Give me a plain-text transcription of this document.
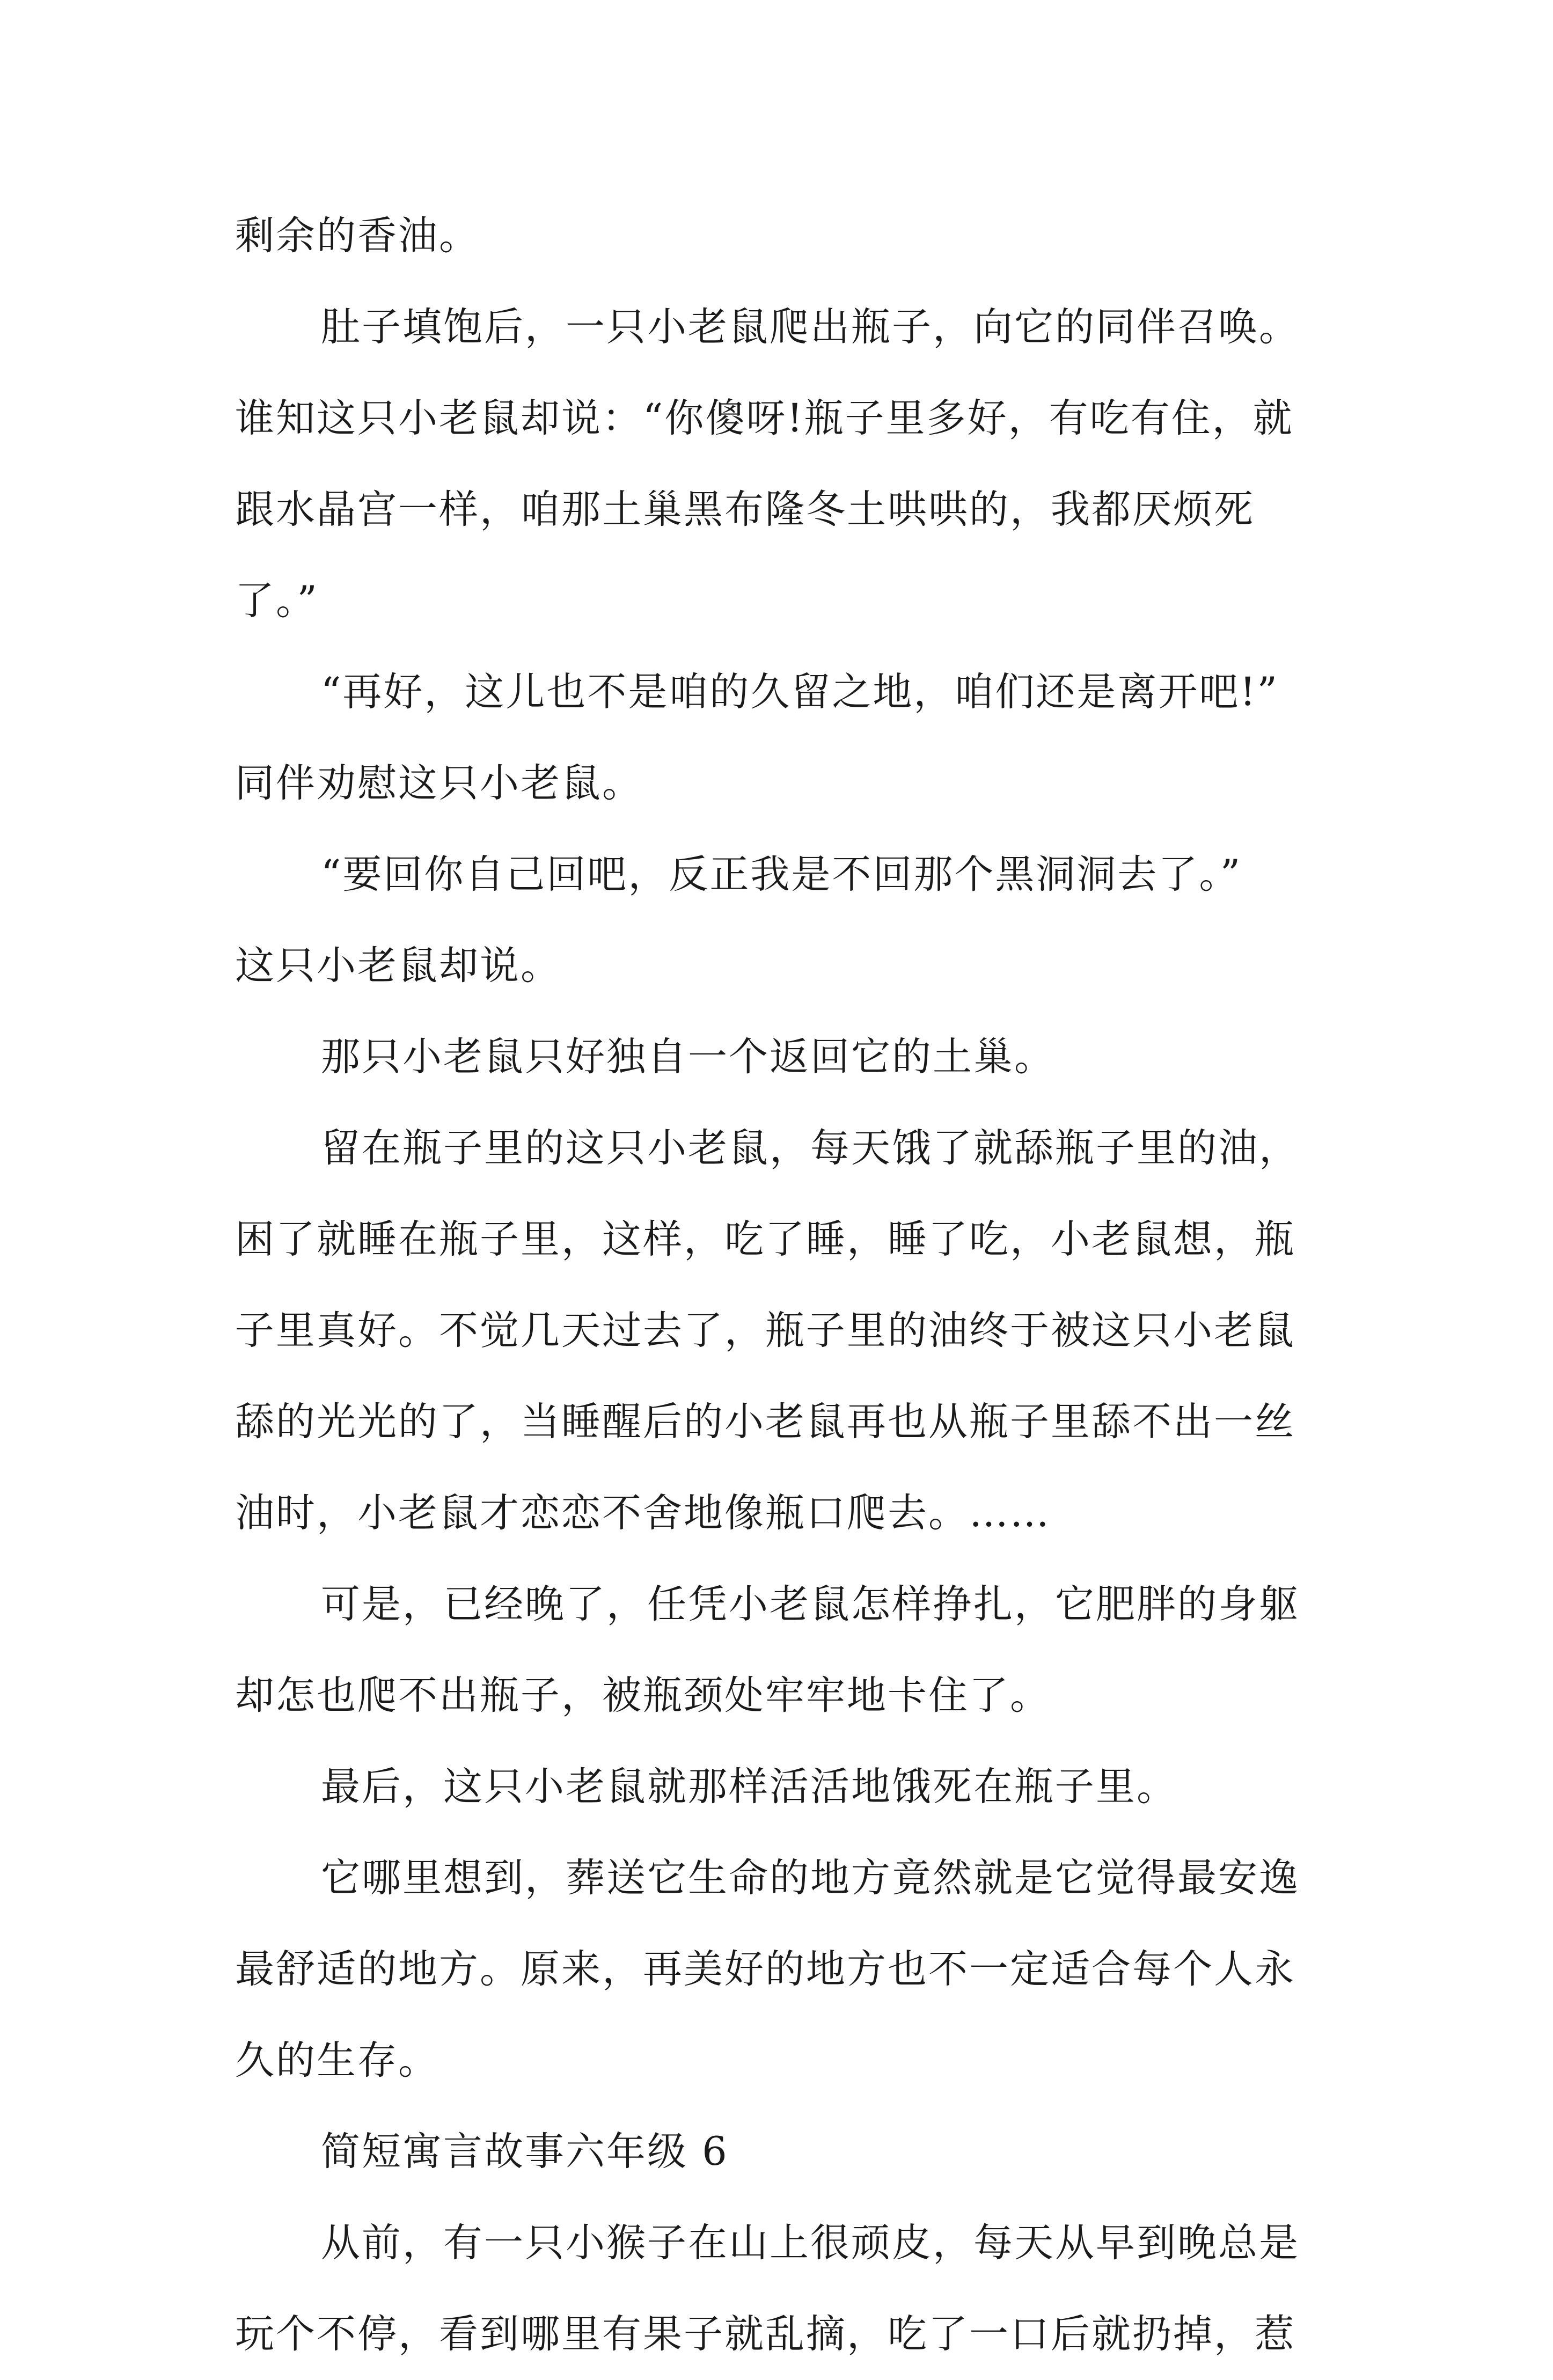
剩余的香油。
肚子填饱后，一只小老鼠爬出瓶子，向它的同伴召唤。
谁知这只小老鼠却说：“你傻呀!瓶子里多好，有吃有住，就
跟水晶宫一样，咱那土巢黑布隆冬土哄哄的，我都厌烦死
了。”
“再好，这儿也不是咱的久留之地，咱们还是离开吧!”
同伴劝慰这只小老鼠。
“要回你自己回吧，反正我是不回那个黑洞洞去了。”
这只小老鼠却说。
那只小老鼠只好独自一个返回它的土巢。
留在瓶子里的这只小老鼠，每天饿了就舔瓶子里的油，
困了就睡在瓶子里，这样，吃了睡，睡了吃，小老鼠想，瓶
子里真好。不觉几天过去了，瓶子里的油终于被这只小老鼠
舔的光光的了，当睡醒后的小老鼠再也从瓶子里舔不出一丝
油时，小老鼠才恋恋不舍地像瓶口爬去。……
可是，已经晚了，任凭小老鼠怎样挣扎，它肥胖的身躯
却怎也爬不出瓶子，被瓶颈处牢牢地卡住了。
最后，这只小老鼠就那样活活地饿死在瓶子里。
它哪里想到，葬送它生命的地方竟然就是它觉得最安逸
最舒适的地方。原来，再美好的地方也不一定适合每个人永
久的生存。
简短寓言故事六年级 6
从前，有一只小猴子在山上很顽皮，每天从早到晚总是
玩个不停，看到哪里有果子就乱摘，吃了一口后就扔掉，惹
